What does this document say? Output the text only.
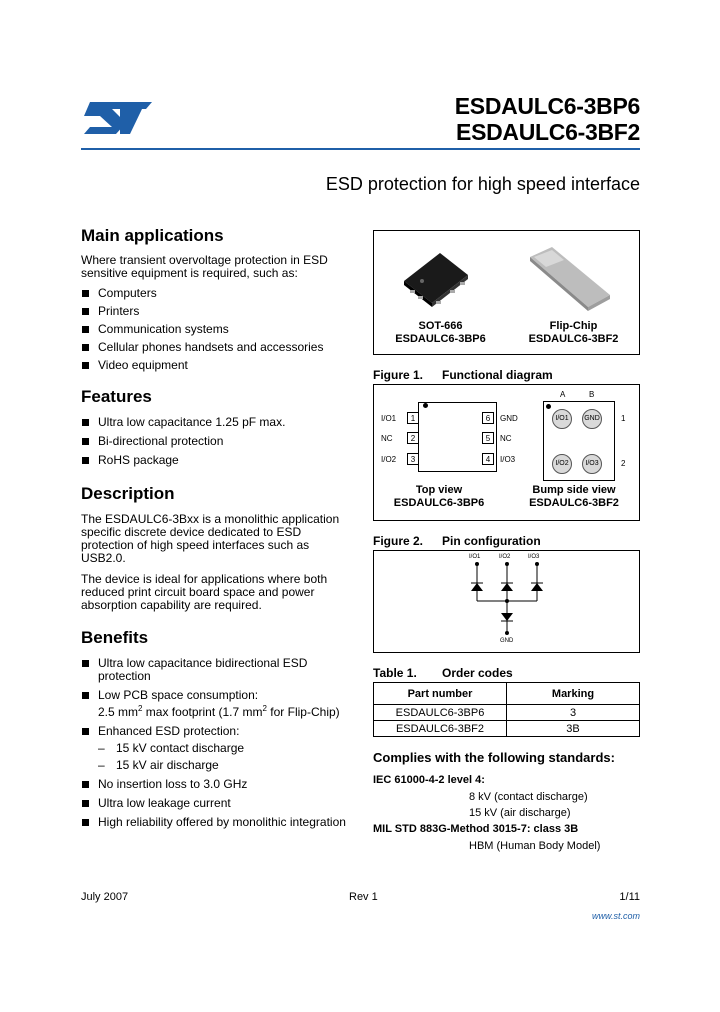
ESDAULC6-3BP6
ESDAULC6-3BF2
ESD protection for high speed interface
Main applications
Where transient overvoltage protection in ESD sensitive equipment is required, such as:
Computers
Printers
Communication systems
Cellular phones handsets and accessories
Video equipment
Features
Ultra low capacitance 1.25 pF max.
Bi-directional protection
RoHS package
Description
The ESDAULC6-3Bxx is a monolithic application specific discrete device dedicated to ESD protection of high speed interfaces such as USB2.0.
The device is ideal for applications where both reduced print circuit board space and power absorption capability are required.
Benefits
Ultra low capacitance bidirectional ESD
protection
Low PCB space consumption:
2.5 $mm^2$ max footprint (1.7 $mm^2$ for Flip-Chip)
Enhanced ESD protection:
– 15 kV contact discharge
– 15 kV air discharge
No insertion loss to 3.0 GHz
Ultra low leakage current
High reliability offered by monolithic integration
SOT-666
ESDAULC6-3BP6
Flip-Chip
ESDAULC6-3BF2
Figure 1. Functional diagram
I/O1
NC
I/O2
1
2
3
6
5
4
GND
NC
I/O3
Top view
ESDAULC6-3BP6
A	B
I/O1	GND
I/O2	I/O3
1
2
Bump side view
ESDAULC6-3BF2
Figure 2. Pin configuration
I/O1	I/O2	I/O3
GND
Table 1. Order codes
Part number	Marking
ESDAULC6-3BP6	3
ESDAULC6-3BF2	3B
Complies with the following standards:
IEC 61000-4-2 level 4:
8 kV (contact discharge)
15 kV (air discharge)
MIL STD 883G-Method 3015-7: class 3B
HBM (Human Body Model)
July 2007	Rev 1	1/11
www.st.com
